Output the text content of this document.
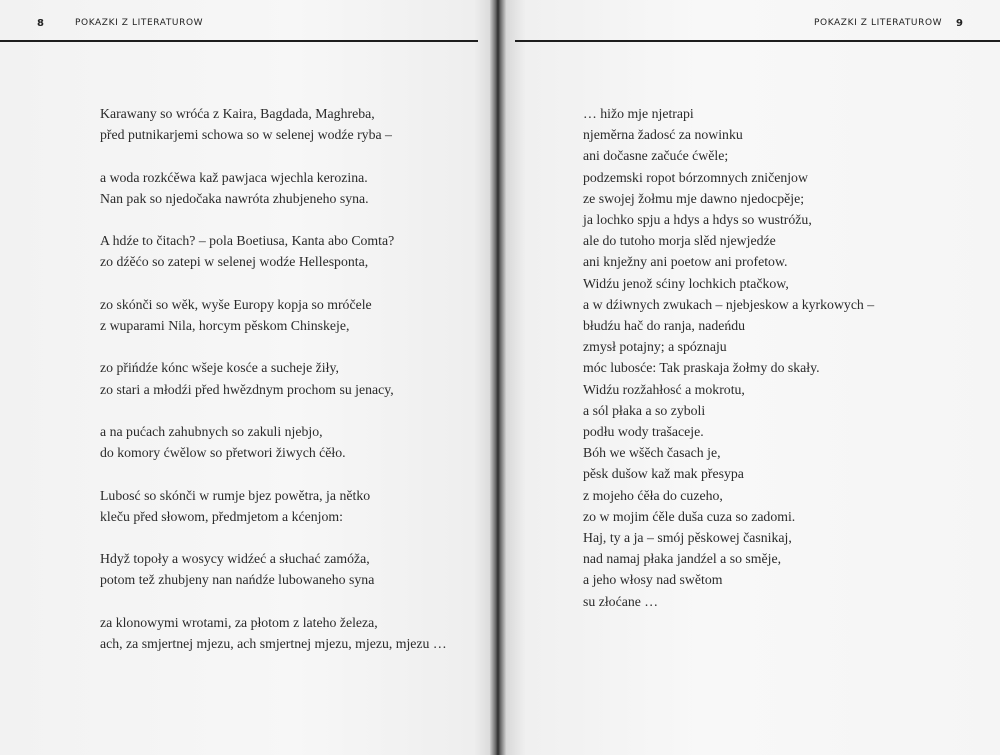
8	POKAZKI Z LITERATUROW	POKAZKI Z LITERATUROW 9
Karawany so wróća z Kaira, Bagdada, Maghreba,
před putnikarjemi schowa so w selenej wodźe ryba –
a woda rozkćěwa kaž pawjaca wjechla kerozina.
Nan pak so njedočaka nawróta zhubjeneho syna.
A hdźe to čitach? – pola Boetiusa, Kanta abo Comta?
zo dźěćo so zatepi w selenej wodźe Hellesponta,
zo skónči so wěk, wyše Europy kopja so mróčele
z wuparami Nila, horcym pěskom Chinskeje,
zo přińdźe kónc wšeje kosće a sucheje žiły,
zo stari a młodźi před hwězdnym prochom su jenacy,
a na pućach zahubnych so zakuli njebjo,
do komory ćwělow so přetwori žiwych ćěło.
Lubosć so skónči w rumje bjez powětra, ja nětko
kleču před słowom, předmjetom a kćenjom:
Hdyž topoły a wosycy widźeć a słuchać zamóža,
potom tež zhubjeny nan nańdźe lubowaneho syna
za klonowymi wrotami, za płotom z lateho železa,
ach, za smjertnej mjezu, ach smjertnej mjezu, mjezu, mjezu …
… hižo mje njetrapi
njeměrna žadosć za nowinku
ani dočasne začuće ćwěle;
podzemski ropot bórzomnych zničenjow
ze swojej žołmu mje dawno njedocpěje;
ja lochko spju a hdys a hdys so wustróžu,
ale do tutoho morja slěd njewjedźe
ani knježny ani poetow ani profetow.
Widźu jenož sćiny lochkich ptačkow,
a w dźiwnych zwukach – njebjeskow a kyrkowych –
błudźu hač do ranja, nadeńdu
zmysł potajny; a spóznaju
móc lubosće: Tak praskaja žołmy do skały.
Widźu rozžahłosć a mokrotu,
a sól płaka a so zyboli
podłu wody trašaceje.
Bóh we wšěch časach je,
pěsk dušow kaž mak přesypa
z mojeho ćěła do cuzeho,
zo w mojim ćěle duša cuza so zadomi.
Haj, ty a ja – smój pěskowej časnikaj,
nad namaj płaka jandźel a so směje,
a jeho włosy nad swětom
su złoćane …
